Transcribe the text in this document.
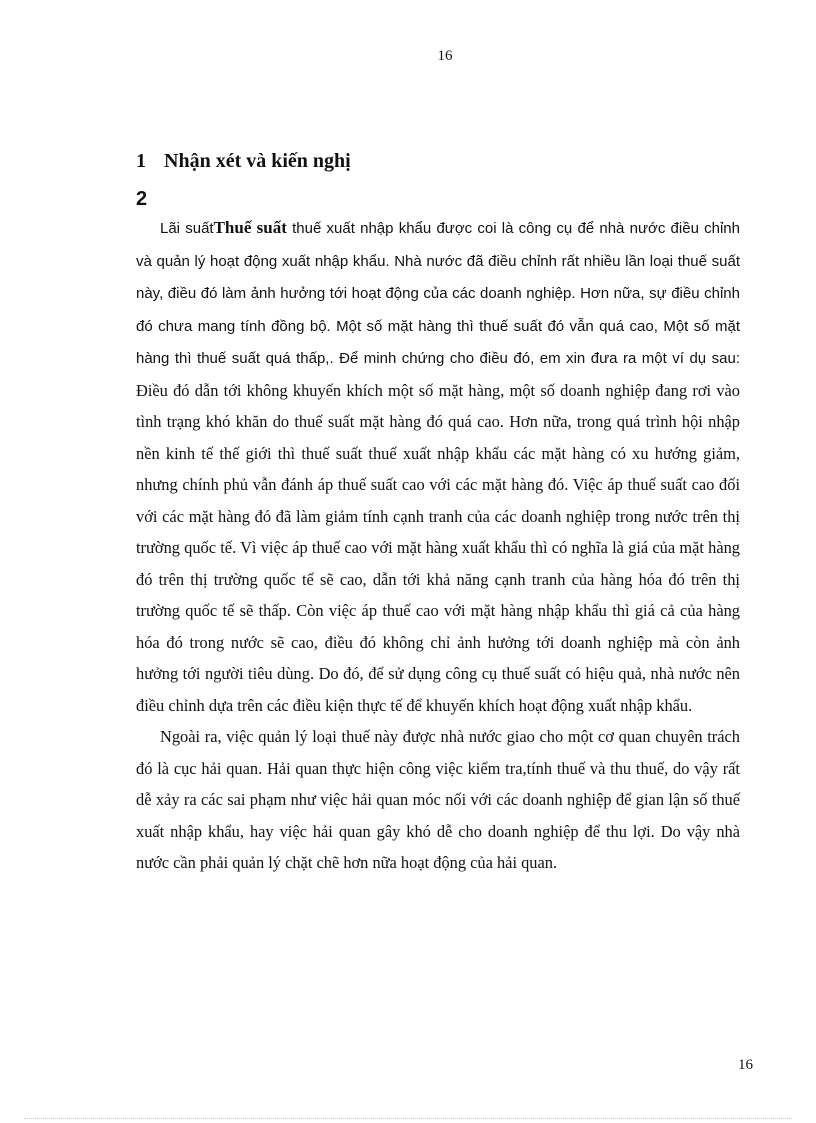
16
1 Nhận xét và kiến nghị
2

Lãi suấtThuế suất thuế xuất nhập khẩu được coi là công cụ để nhà nước điều chỉnh và quản lý hoạt động xuất nhập khẩu. Nhà nước đã điều chỉnh rất nhiều lần loại thuế suất này, điều đó làm ảnh hưởng tới hoạt động của các doanh nghiệp. Hơn nữa, sự điều chỉnh đó chưa mang tính đồng bộ. Một số mặt hàng thì thuế suất đó vẫn quá cao, Một số mặt hàng thì thuế suất quá thấp,. Để minh chứng cho điều đó, em xin đưa ra một ví dụ sau: Điều đó dẫn tới không khuyến khích một số mặt hàng, một số doanh nghiệp đang rơi vào tình trạng khó khăn do thuế suất mặt hàng đó quá cao. Hơn nữa, trong quá trình hội nhập nền kinh tế thế giới thì thuế suất thuế xuất nhập khẩu các mặt hàng có xu hướng giảm, nhưng chính phủ vẫn đánh áp thuế suất cao với các mặt hàng đó. Việc áp thuế suất cao đối với các mặt hàng đó đã làm giảm tính cạnh tranh của các doanh nghiệp trong nước trên thị trường quốc tế. Vì việc áp thuế cao với mặt hàng xuất khẩu thì có nghĩa là giá của mặt hàng đó trên thị trường quốc tế sẽ cao, dẫn tới khả năng cạnh tranh của hàng hóa đó trên thị trường quốc tế sẽ thấp. Còn việc áp thuế cao với mặt hàng nhập khẩu thì giá cả của hàng hóa đó trong nước sẽ cao, điều đó không chỉ ảnh hưởng tới doanh nghiệp mà còn ảnh hưởng tới người tiêu dùng. Do đó, để sử dụng công cụ thuế suất có hiệu quả, nhà nước nên điều chỉnh dựa trên các điều kiện thực tế để khuyến khích hoạt động xuất nhập khẩu.

Ngoài ra, việc quản lý loại thuế này được nhà nước giao cho một cơ quan chuyên trách đó là cục hải quan. Hải quan thực hiện công việc kiểm tra,tính thuế và thu thuế, do vậy rất dễ xảy ra các sai phạm như việc hải quan móc nối với các doanh nghiệp để gian lận số thuế xuất nhập khẩu, hay việc hải quan gây khó dễ cho doanh nghiệp để thu lợi. Do vậy nhà nước cần phải quản lý chặt chẽ hơn nữa hoạt động của hải quan.

16
